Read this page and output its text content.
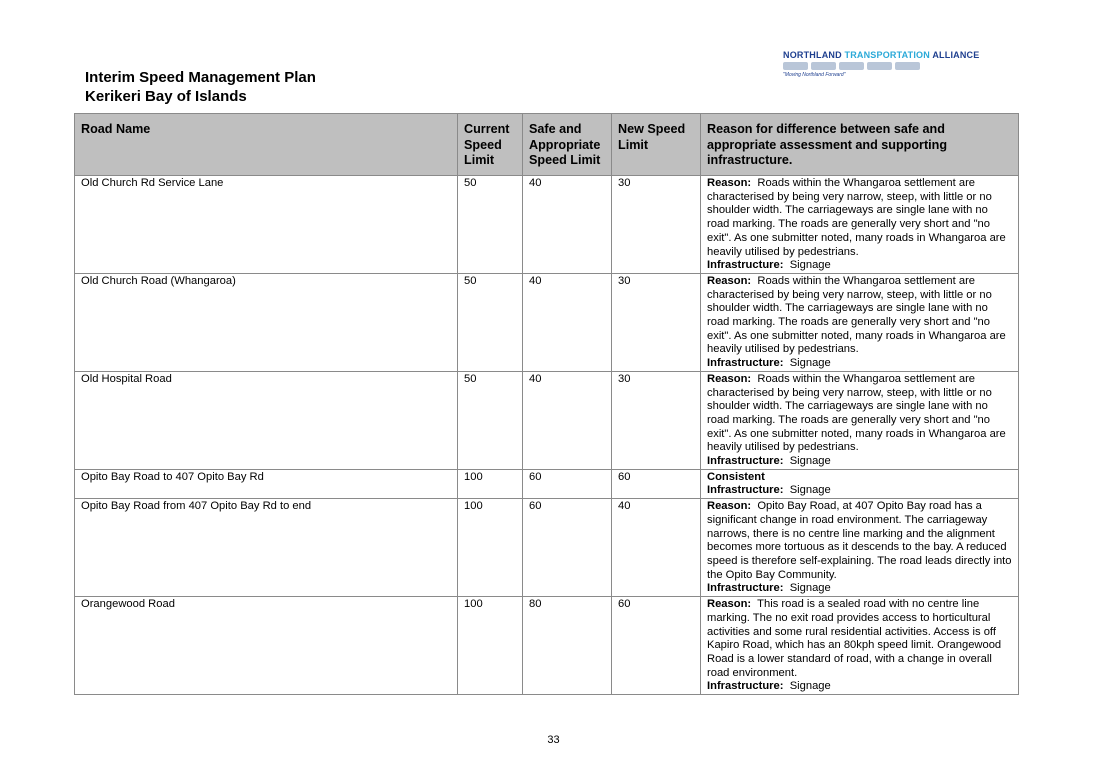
Interim Speed Management Plan
Kerikeri Bay of Islands
NORTHLAND TRANSPORTATION ALLIANCE
"Moving Northland Forward"
Road Name	Current Speed Limit	Safe and Appropriate Speed Limit	New Speed Limit	Reason for difference between safe and appropriate assessment and supporting infrastructure.
Old Church Rd Service Lane	50	40	30	Reason: Roads within the Whangaroa settlement are characterised by being very narrow, steep, with little or no shoulder width. The carriageways are single lane with no road marking. The roads are generally very short and "no exit". As one submitter noted, many roads in Whangaroa are heavily utilised by pedestrians.
Infrastructure: Signage
Old Church Road (Whangaroa)	50	40	30	Reason: Roads within the Whangaroa settlement are characterised by being very narrow, steep, with little or no shoulder width. The carriageways are single lane with no road marking. The roads are generally very short and "no exit". As one submitter noted, many roads in Whangaroa are heavily utilised by pedestrians.
Infrastructure: Signage
Old Hospital Road	50	40	30	Reason: Roads within the Whangaroa settlement are characterised by being very narrow, steep, with little or no shoulder width. The carriageways are single lane with no road marking. The roads are generally very short and "no exit". As one submitter noted, many roads in Whangaroa are heavily utilised by pedestrians.
Infrastructure: Signage
Opito Bay Road to 407 Opito Bay Rd	100	60	60	Consistent
Infrastructure: Signage
Opito Bay Road from 407 Opito Bay Rd to end	100	60	40	Reason: Opito Bay Road, at 407 Opito Bay road has a significant change in road environment. The carriageway narrows, there is no centre line marking and the alignment becomes more tortuous as it descends to the bay. A reduced speed is therefore self-explaining. The road leads directly into the Opito Bay Community.
Infrastructure: Signage
Orangewood Road	100	80	60	Reason: This road is a sealed road with no centre line marking. The no exit road provides access to horticultural activities and some rural residential activities. Access is off Kapiro Road, which has an 80kph speed limit. Orangewood Road is a lower standard of road, with a change in overall road environment.
Infrastructure: Signage
33
